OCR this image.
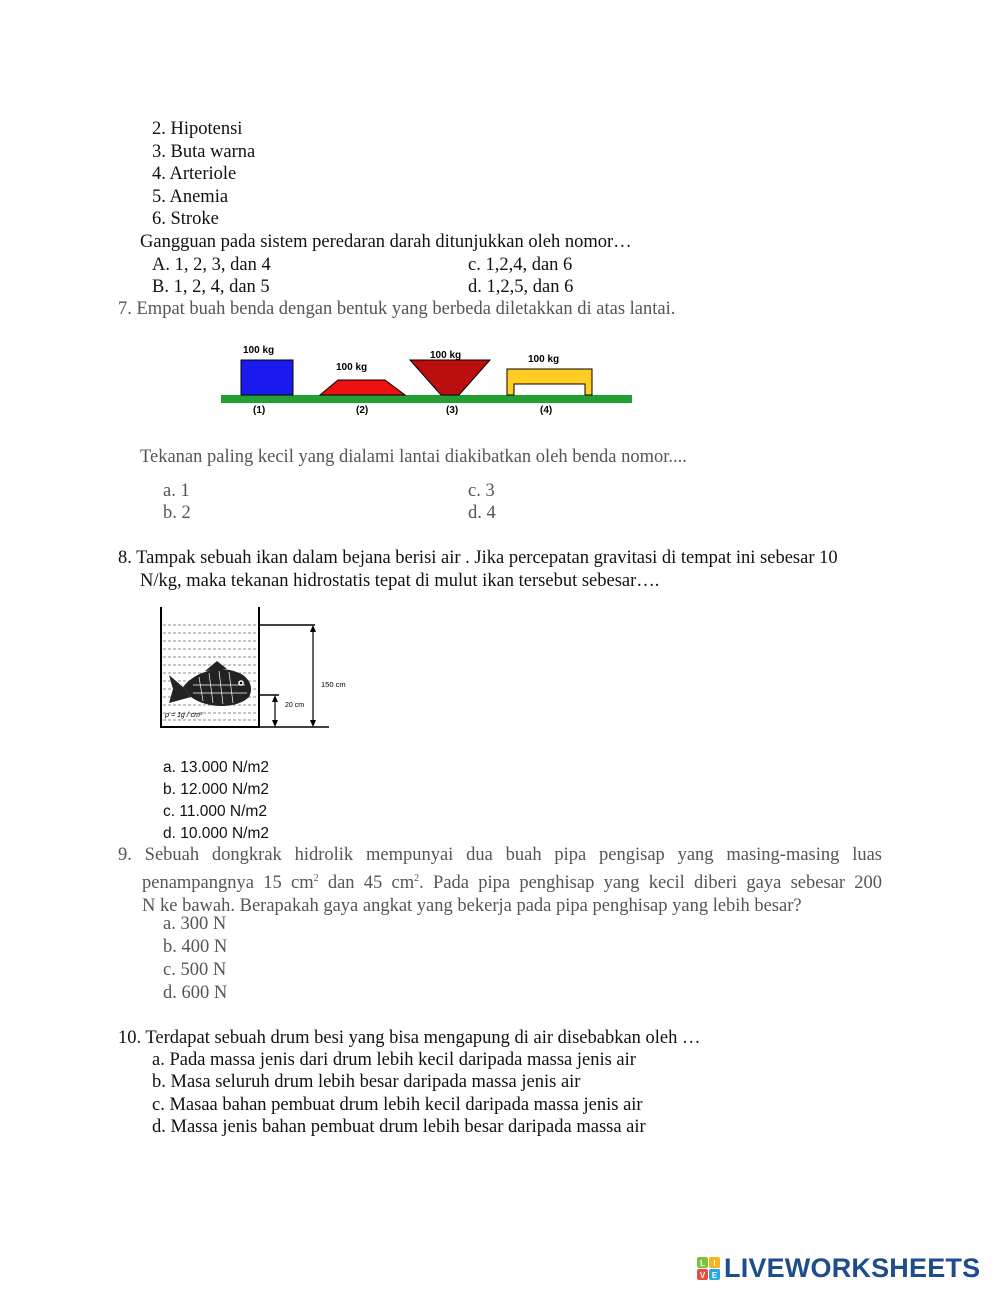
2. Hipotensi
3. Buta warna
4. Arteriole
5. Anemia
6. Stroke
Gangguan pada sistem peredaran darah ditunjukkan oleh nomor…
A. 1, 2, 3, dan 4	c. 1,2,4, dan 6
B. 1, 2, 4, dan 5	d. 1,2,5, dan 6
7. Empat buah benda dengan bentuk yang berbeda diletakkan di atas lantai.
100 kg
100 kg
100 kg	100 kg
(1)	(2)	(3)	(4)
Tekanan paling kecil yang dialami lantai diakibatkan oleh benda nomor....
a. 1	c. 3
b. 2	d. 4
8. Tampak sebuah ikan dalam bejana berisi air . Jika percepatan gravitasi di tempat ini sebesar 10
N/kg, maka tekanan hidrostatis tepat di mulut ikan tersebut sebesar….
150 cm
20 cm
ρ = 1g / cm³
a. 13.000 N/m2
b. 12.000 N/m2
c. 11.000 N/m2
d. 10.000 N/m2

9. Sebuah dongkrak hidrolik mempunyai dua buah pipa pengisap yang masing-masing luas

penampangnya 15 $cm^2$ dan 45 $cm^2$. Pada pipa penghisap yang kecil diberi gaya sebesar 200

N ke bawah. Berapakah gaya angkat yang bekerja pada pipa penghisap yang lebih besar?

a. 300 N
b. 400 N
c. 500 N
d. 600 N
10. Terdapat sebuah drum besi yang bisa mengapung di air disebabkan oleh …
a. Pada massa jenis dari drum lebih kecil daripada massa jenis air
b. Masa seluruh drum lebih besar daripada massa jenis air
c. Masaa bahan pembuat drum lebih kecil daripada massa jenis air
d. Massa jenis bahan pembuat drum lebih besar daripada massa air
L I
V E LIVEWORKSHEETS
